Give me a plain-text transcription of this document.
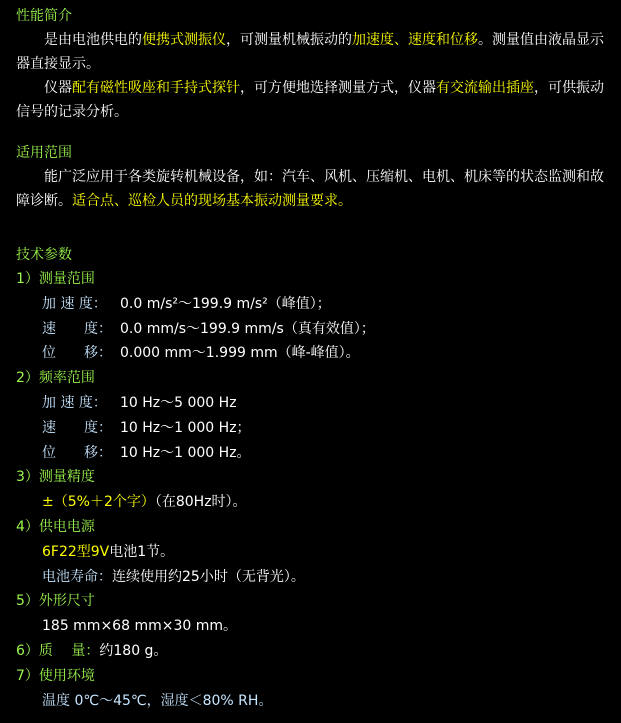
性能简介

是由电池供电的便携式测振仪，可测量机械振动的加速度、速度和位移。测量值由液晶显示器直接显示。

仪器配有磁性吸座和手持式探针，可方便地选择测量方式，仪器有交流输出插座，可供振动信号的记录分析。

适用范围

能广泛应用于各类旋转机械设备，如：汽车、风机、压缩机、电机、机床等的状态监测和故障诊断。适合点、巡检人员的现场基本振动测量要求。

技术参数

1）测量范围

加 速 度： 0.0 m/s²～199.9 m/s²（峰值）；

速　　度： 0.0 mm/s～199.9 mm/s（真有效值）；

位　　移： 0.000 mm～1.999 mm（峰-峰值）。

2）频率范围

加 速 度： 10 Hz～5 000 Hz

速　　度： 10 Hz～1 000 Hz；

位　　移： 10 Hz～1 000 Hz。

3）测量精度

±（5%＋2个字）（在80Hz时）。

4）供电电源

6F22型9V电池1节。

电池寿命：连续使用约25小时（无背光）。

5）外形尺寸

185 mm×68 mm×30 mm。

6）质　 量：约180 g。

7）使用环境

温度 0℃～45℃，湿度＜80% RH。
